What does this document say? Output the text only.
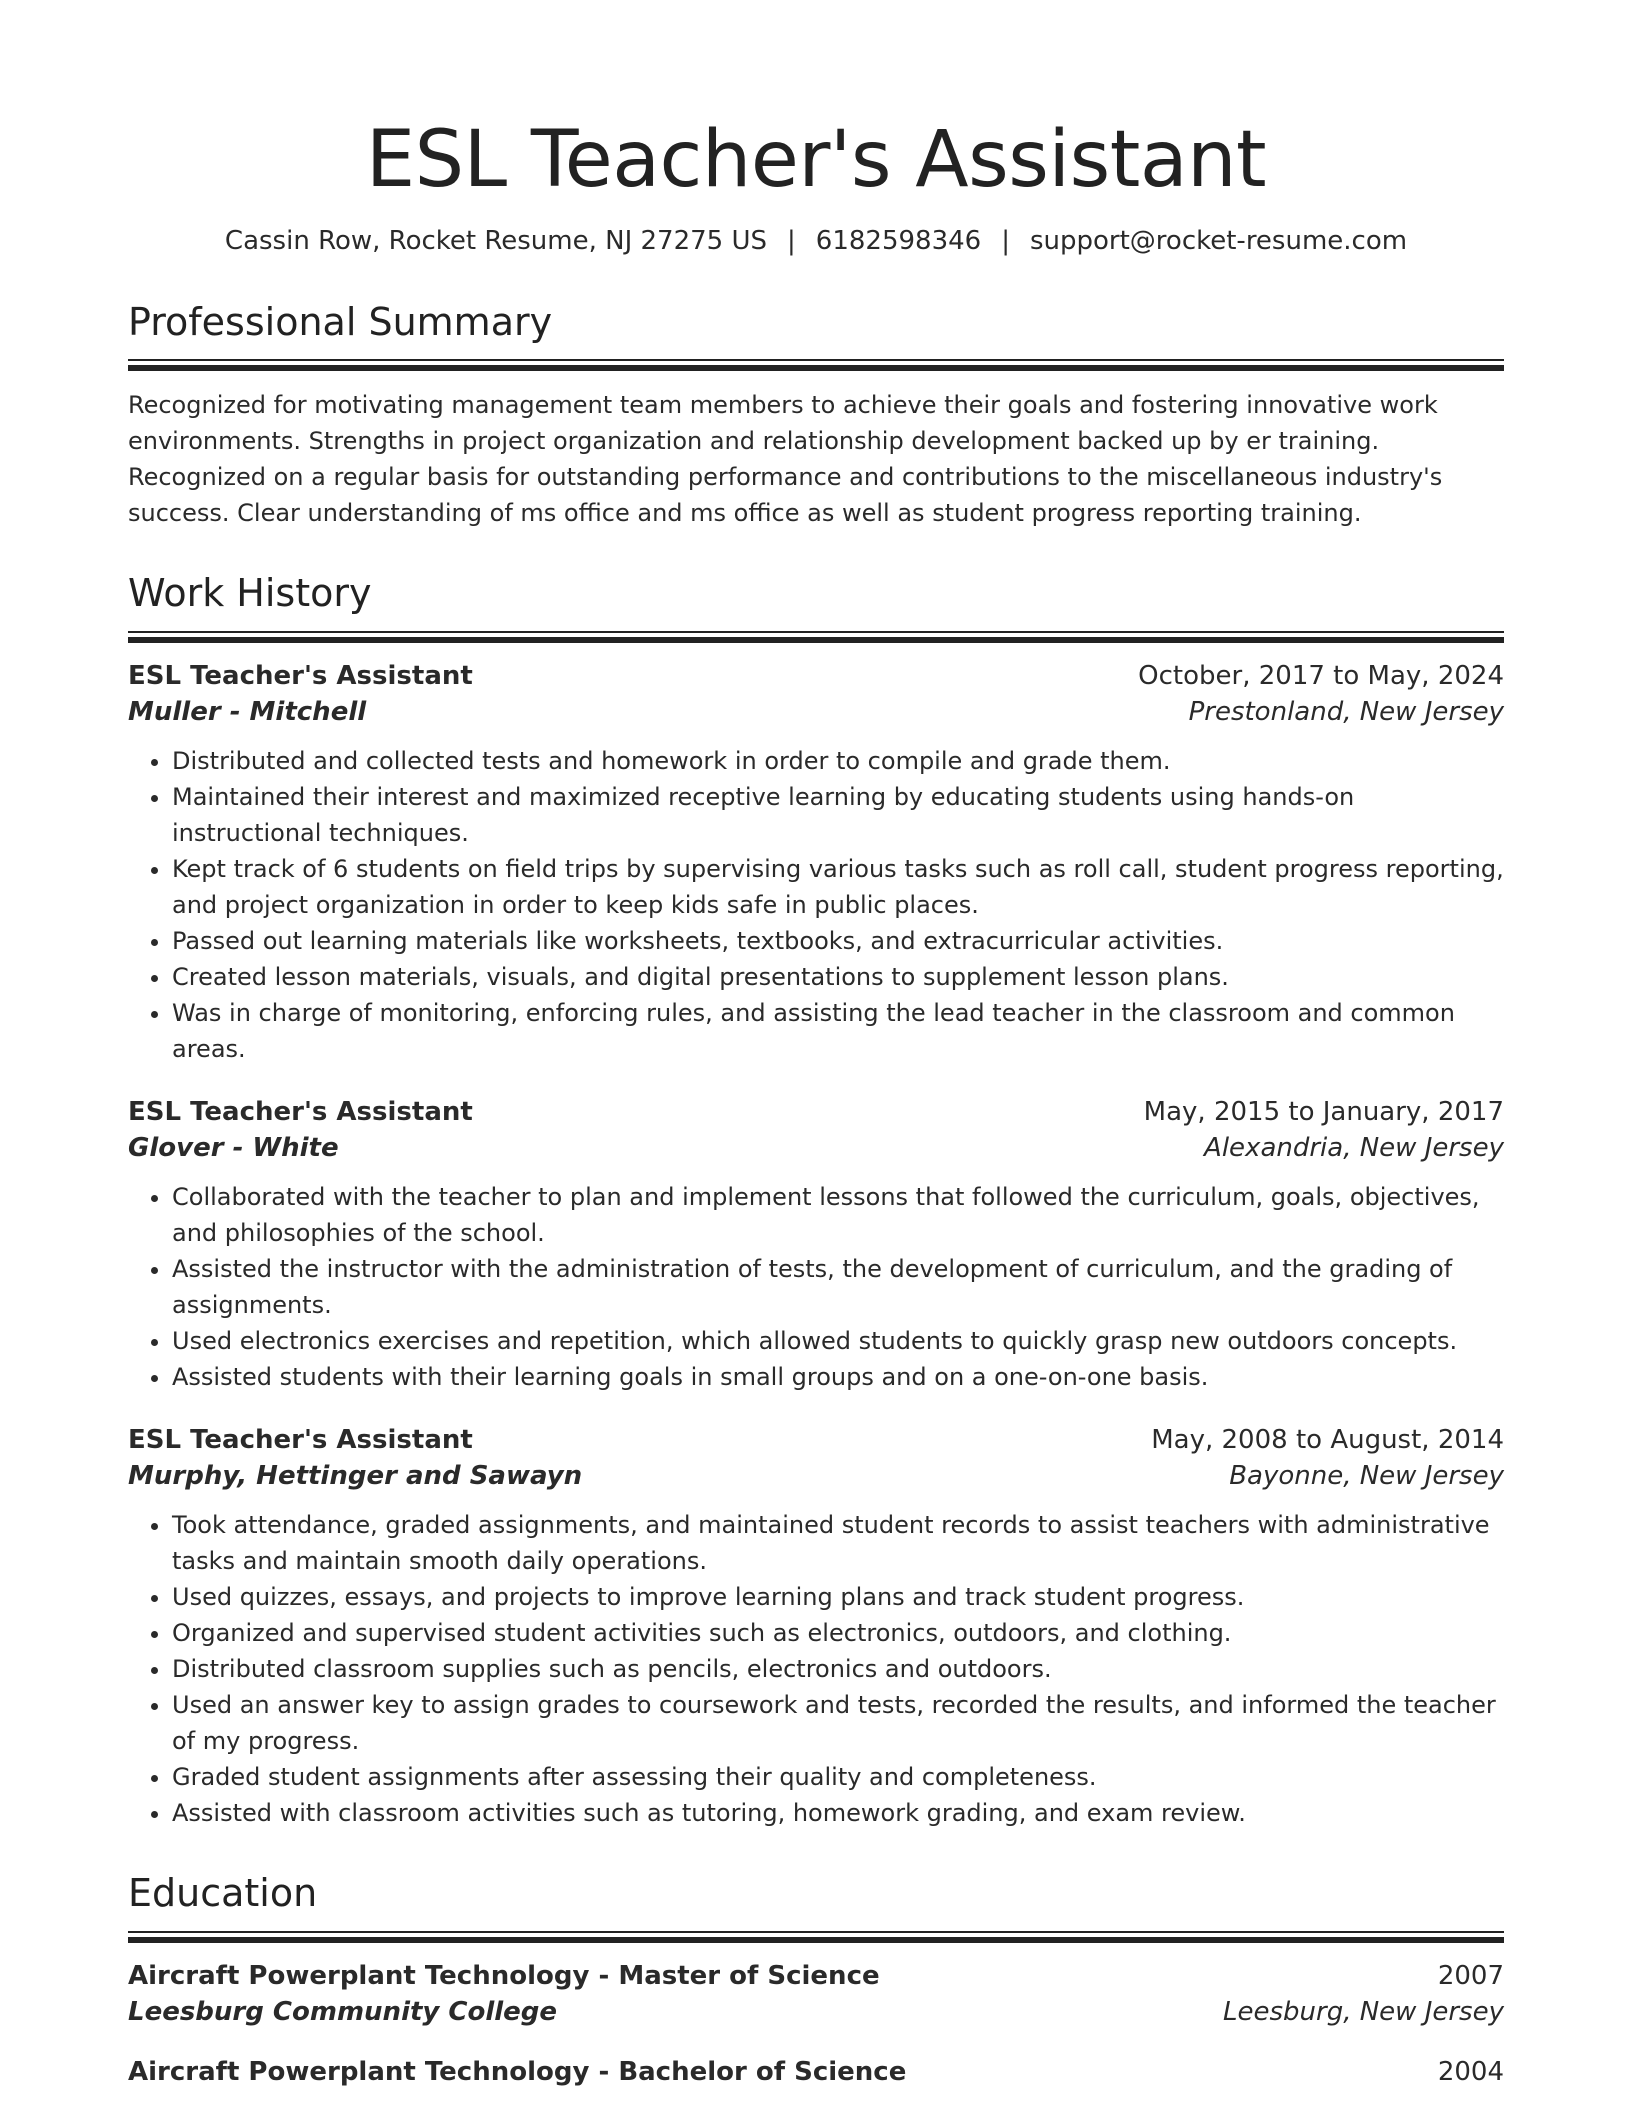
ESL Teacher's Assistant
Cassin Row, Rocket Resume, NJ 27275 US | 6182598346 | support@rocket-resume.com
Professional Summary

Recognized for motivating management team members to achieve their goals and fostering innovative work environments. Strengths in project organization and relationship development backed up by er training. Recognized on a regular basis for outstanding performance and contributions to the miscellaneous industry's success. Clear understanding of ms office and ms office as well as student progress reporting training.

Work History
ESL Teacher's Assistant	October, 2017 to May, 2024
Muller - Mitchell	Prestonland, New Jersey
• Distributed and collected tests and homework in order to compile and grade them.
• Maintained their interest and maximized receptive learning by educating students using hands-on instructional techniques.
• Kept track of 6 students on field trips by supervising various tasks such as roll call, student progress reporting, and project organization in order to keep kids safe in public places.
• Passed out learning materials like worksheets, textbooks, and extracurricular activities.
• Created lesson materials, visuals, and digital presentations to supplement lesson plans.
• Was in charge of monitoring, enforcing rules, and assisting the lead teacher in the classroom and common areas.
ESL Teacher's Assistant	May, 2015 to January, 2017
Glover - White	Alexandria, New Jersey
• Collaborated with the teacher to plan and implement lessons that followed the curriculum, goals, objectives, and philosophies of the school.
• Assisted the instructor with the administration of tests, the development of curriculum, and the grading of assignments.
• Used electronics exercises and repetition, which allowed students to quickly grasp new outdoors concepts.
• Assisted students with their learning goals in small groups and on a one-on-one basis.
ESL Teacher's Assistant	May, 2008 to August, 2014
Murphy, Hettinger and Sawayn	Bayonne, New Jersey
• Took attendance, graded assignments, and maintained student records to assist teachers with administrative tasks and maintain smooth daily operations.
• Used quizzes, essays, and projects to improve learning plans and track student progress.
• Organized and supervised student activities such as electronics, outdoors, and clothing.
• Distributed classroom supplies such as pencils, electronics and outdoors.
• Used an answer key to assign grades to coursework and tests, recorded the results, and informed the teacher of my progress.
• Graded student assignments after assessing their quality and completeness.
• Assisted with classroom activities such as tutoring, homework grading, and exam review.
Education
Aircraft Powerplant Technology - Master of Science	2007
Leesburg Community College	Leesburg, New Jersey
Aircraft Powerplant Technology - Bachelor of Science	2004
